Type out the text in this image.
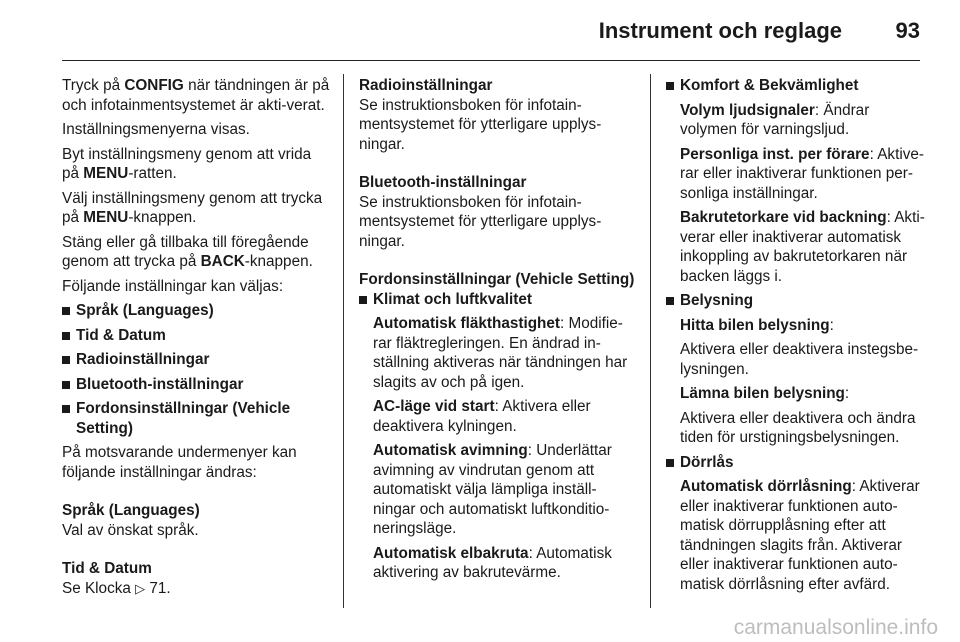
Instrument och reglage 93

Tryck på CONFIG när tändningen är på och infotainmentsystemet är akti-verat.

Inställningsmenyerna visas.

Byt inställningsmeny genom att vrida på MENU-ratten.

Välj inställningsmeny genom att trycka på MENU-knappen.

Stäng eller gå tillbaka till föregående genom att trycka på BACK-knappen.

Följande inställningar kan väljas:

Språk (Languages)
Tid & Datum
Radioinställningar
Bluetooth-inställningar
Fordonsinställningar (Vehicle Setting)

På motsvarande undermenyer kan följande inställningar ändras:

Språk (Languages)

Val av önskat språk.

Tid & Datum

Se Klocka ▷ 71.

Radioinställningar

Se instruktionsboken för infotain-mentsystemet för ytterligare upplys-ningar.

Bluetooth-inställningar

Se instruktionsboken för infotain-mentsystemet för ytterligare upplys-ningar.

Fordonsinställningar (Vehicle Setting)

Klimat och luftkvalitet

Automatisk fläkthastighet: Modifie-rar fläktregleringen. En ändrad in-ställning aktiveras när tändningen har slagits av och på igen.

AC-läge vid start: Aktivera eller deaktivera kylningen.

Automatisk avimning: Underlättar avimning av vindrutan genom att automatiskt välja lämpliga inställ-ningar och automatiskt luftkonditio-neringsläge.

Automatisk elbakruta: Automatisk aktivering av bakrutevärme.

Komfort & Bekvämlighet

Volym ljudsignaler: Ändrar volymen för varningsljud.

Personliga inst. per förare: Aktive-rar eller inaktiverar funktionen per-sonliga inställningar.

Bakrutetorkare vid backning: Akti-verar eller inaktiverar automatisk inkoppling av bakrutetorkaren när backen läggs i.

Belysning

Hitta bilen belysning:

Aktivera eller deaktivera instegsbe-lysningen.

Lämna bilen belysning:

Aktivera eller deaktivera och ändra tiden för urstigningsbelysningen.

Dörrlås

Automatisk dörrlåsning: Aktiverar eller inaktiverar funktionen auto-matisk dörrupplåsning efter att tändningen slagits från. Aktiverar eller inaktiverar funktionen auto-matisk dörrlåsning efter avfärd.

carmanualsonline.info
